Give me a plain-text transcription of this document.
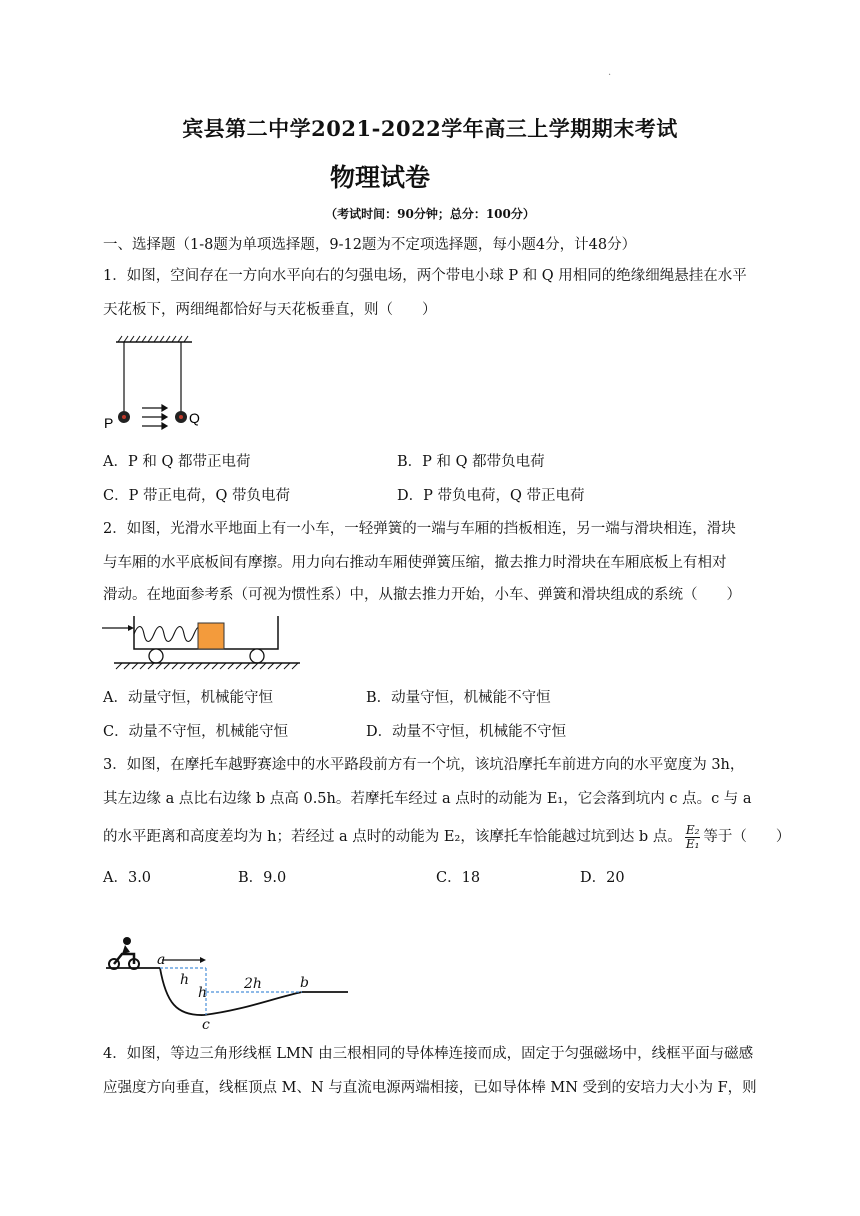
·
宾县第二中学2021-2022学年高三上学期期末考试
物理试卷
（考试时间：90分钟；总分：100分）
一、选择题（1-8题为单项选择题，9-12题为不定项选择题，每小题4分，计48分）
1．如图，空间存在一方向水平向右的匀强电场，两个带电小球 P 和 Q 用相同的绝缘细绳悬挂在水平
天花板下，两细绳都恰好与天花板垂直，则（　　）
P	Q
A．P 和 Q 都带正电荷	B．P 和 Q 都带负电荷
C．P 带正电荷，Q 带负电荷	D．P 带负电荷，Q 带正电荷
2．如图，光滑水平地面上有一小车，一轻弹簧的一端与车厢的挡板相连，另一端与滑块相连，滑块
与车厢的水平底板间有摩擦。用力向右推动车厢使弹簧压缩，撤去推力时滑块在车厢底板上有相对
滑动。在地面参考系（可视为惯性系）中，从撤去推力开始，小车、弹簧和滑块组成的系统（　　）
A．动量守恒，机械能守恒	B．动量守恒，机械能不守恒
C．动量不守恒，机械能守恒	D．动量不守恒，机械能不守恒
3．如图，在摩托车越野赛途中的水平路段前方有一个坑，该坑沿摩托车前进方向的水平宽度为 3h，
其左边缘 a 点比右边缘 b 点高 0.5h。若摩托车经过 a 点时的动能为 E₁，它会落到坑内 c 点。c 与 a
的水平距离和高度差均为 h；若经过 a 点时的动能为 E₂，该摩托车恰能越过坑到达 b 点。 $\frac{\text{E₂}}{\text{E₁}}$ 等于（　　）
A．3.0	B．9.0	C．18	D．20
a
b
c
h
h
2h
4．如图，等边三角形线框 LMN 由三根相同的导体棒连接而成，固定于匀强磁场中，线框平面与磁感
应强度方向垂直，线框顶点 M、N 与直流电源两端相接，已如导体棒 MN 受到的安培力大小为 F，则
